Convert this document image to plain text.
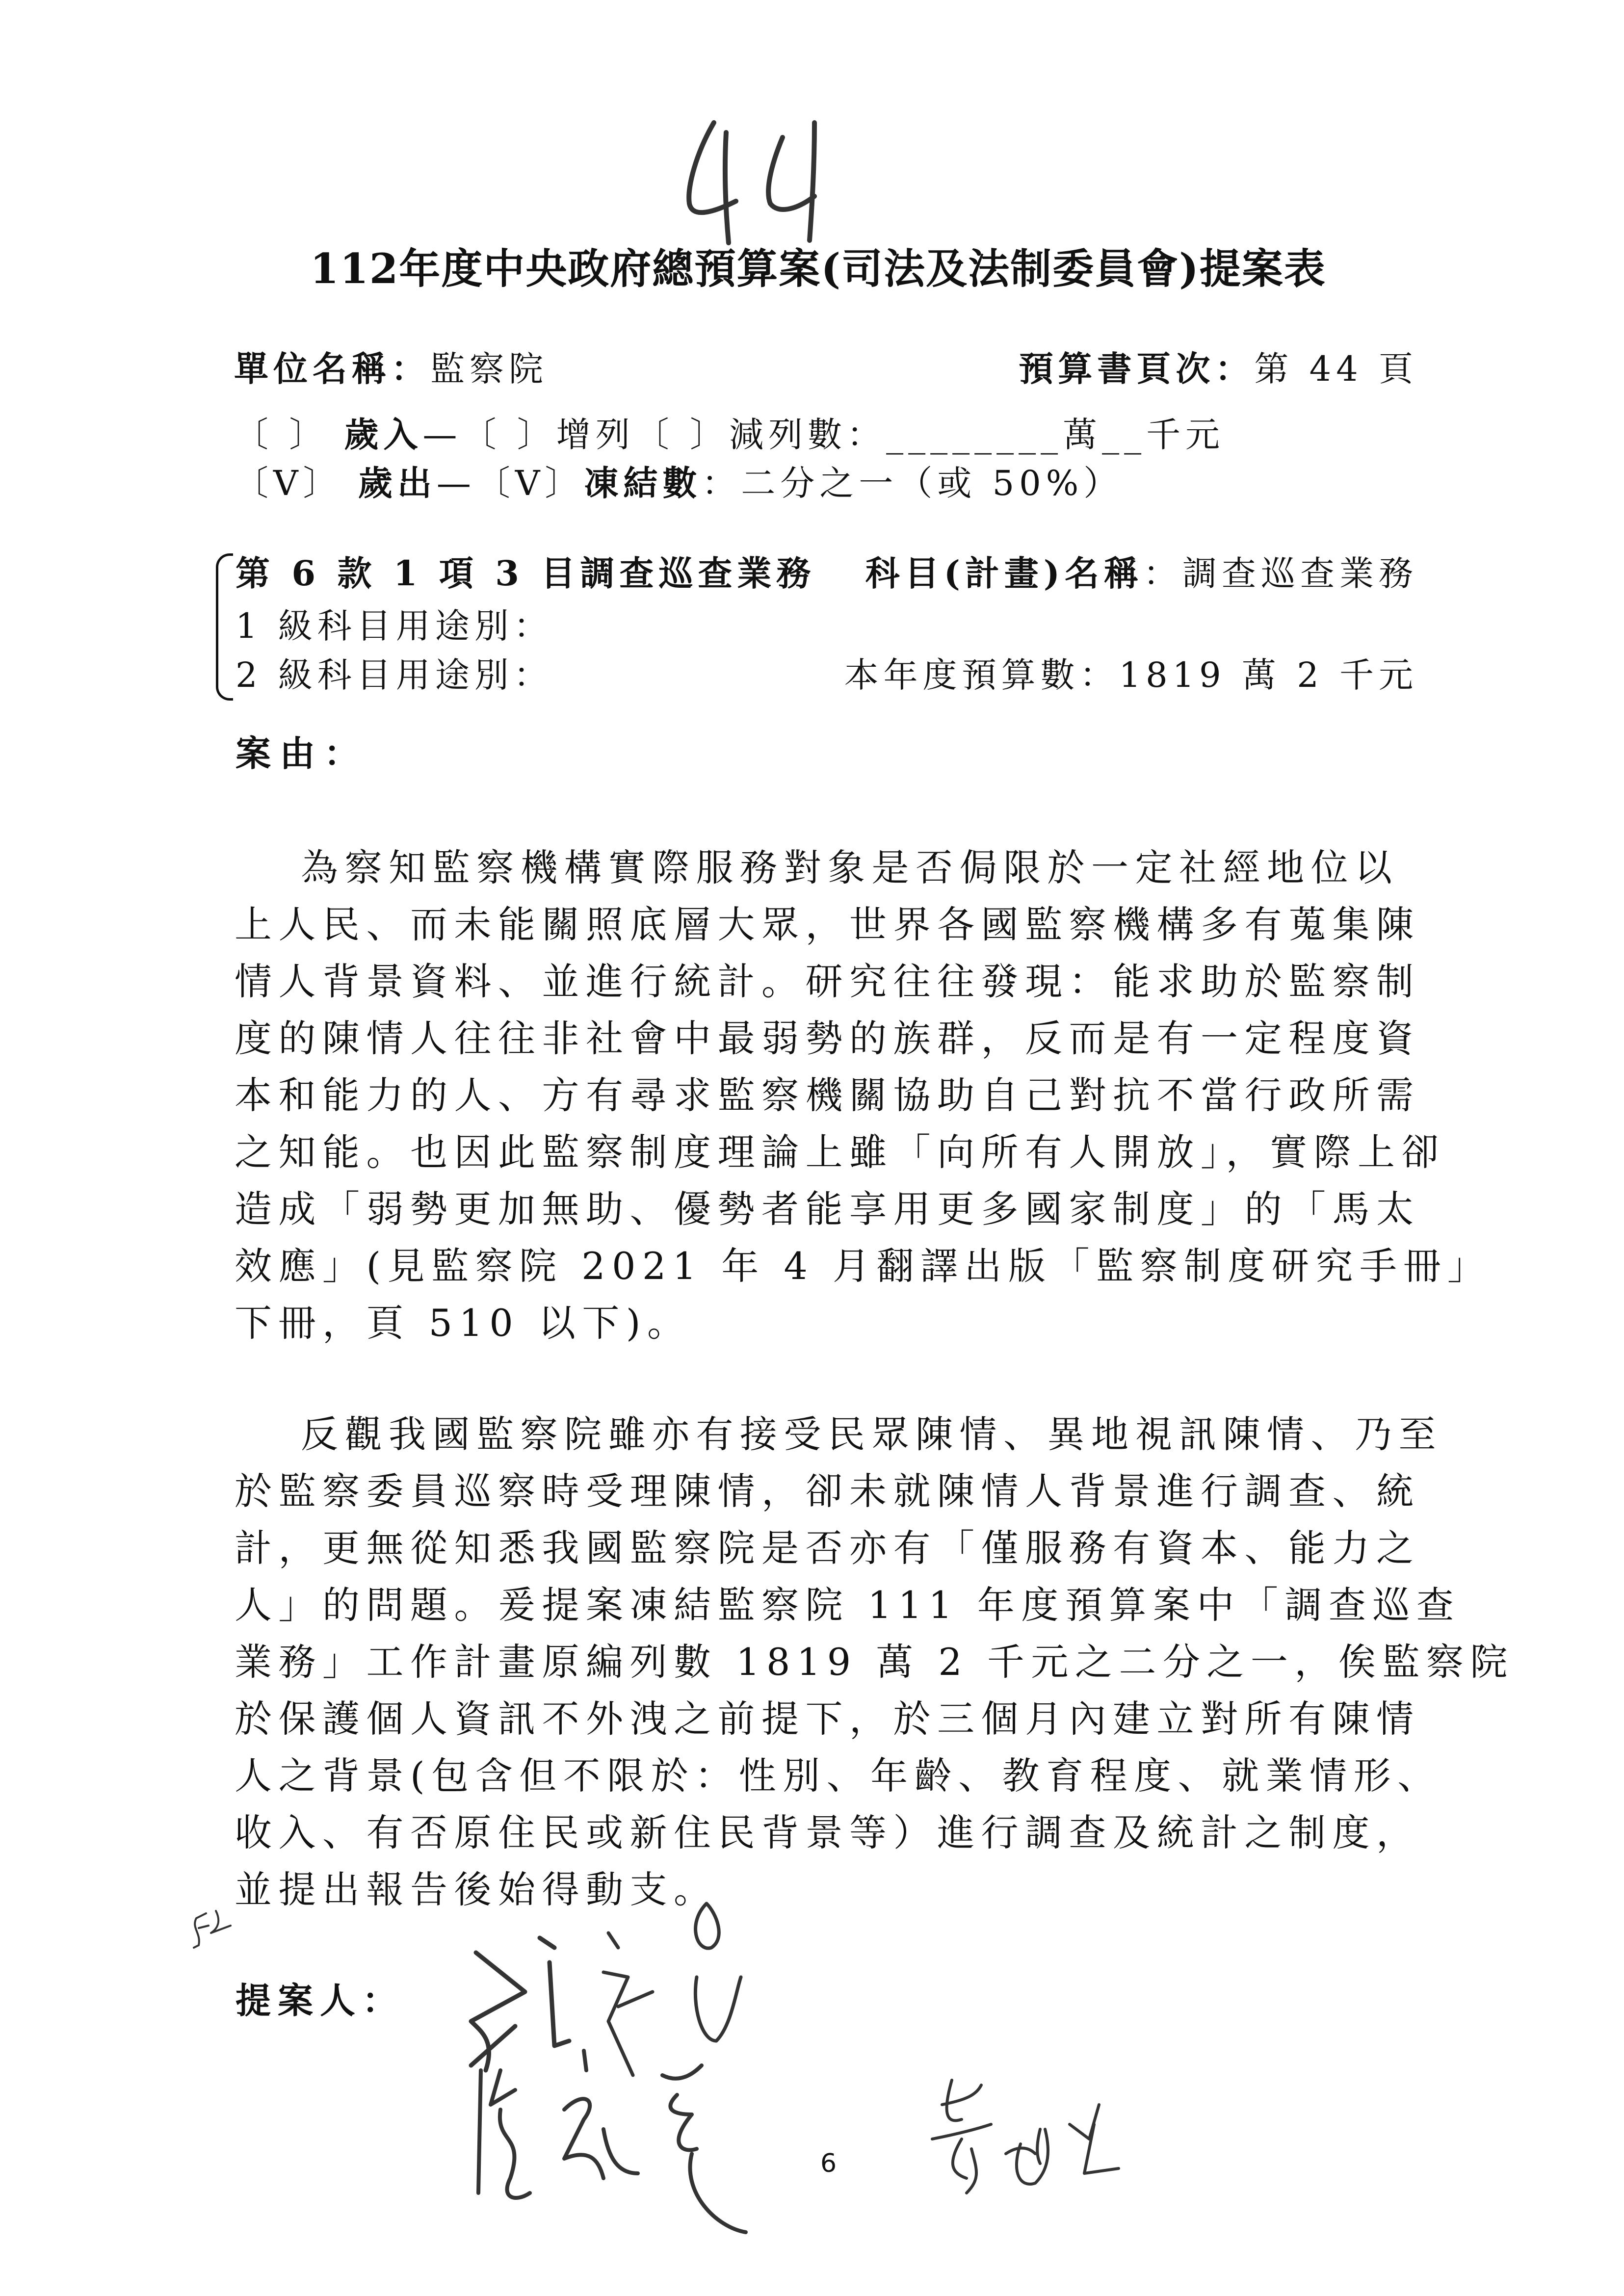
44
112年度中央政府總預算案(司法及法制委員會)提案表
單位名稱：監察院	預算書頁次：第 44 頁
〔 〕 歲入—〔 〕增列〔 〕減列數：________萬__千元
〔V〕 歲出—〔V〕凍結數：二分之一（或 50%）
第 6 款 1 項 3 目調查巡查業務 科目(計畫)名稱：調查巡查業務
1 級科目用途別：
2 級科目用途別：	本年度預算數：1819 萬 2 千元
案由：
為察知監察機構實際服務對象是否侷限於一定社經地位以
上人民、而未能關照底層大眾，世界各國監察機構多有蒐集陳
情人背景資料、並進行統計。研究往往發現：能求助於監察制
度的陳情人往往非社會中最弱勢的族群，反而是有一定程度資
本和能力的人、方有尋求監察機關協助自己對抗不當行政所需
之知能。也因此監察制度理論上雖「向所有人開放」，實際上卻
造成「弱勢更加無助、優勢者能享用更多國家制度」的「馬太
效應」(見監察院 2021 年 4 月翻譯出版「監察制度研究手冊」
下冊，頁 510 以下)。
反觀我國監察院雖亦有接受民眾陳情、異地視訊陳情、乃至
於監察委員巡察時受理陳情，卻未就陳情人背景進行調查、統
計，更無從知悉我國監察院是否亦有「僅服務有資本、能力之
人」的問題。爰提案凍結監察院 111 年度預算案中「調查巡查
業務」工作計畫原編列數 1819 萬 2 千元之二分之一，俟監察院
於保護個人資訊不外洩之前提下，於三個月內建立對所有陳情
人之背景(包含但不限於：性別、年齡、教育程度、就業情形、
收入、有否原住民或新住民背景等）進行調查及統計之制度，
並提出報告後始得動支。
提案人：
6
